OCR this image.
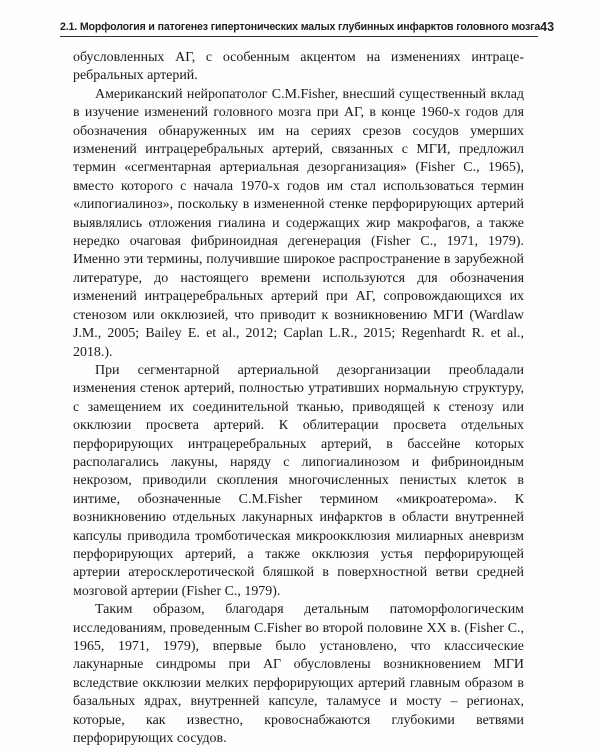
2.1. Морфология и патогенез гипертонических малых глубинных инфарктов головного мозга 43

обусловленных АГ, с особенным акцентом на изменениях интрацеребральных артерий.

Американский нейропатолог C.M.Fisher, внесший существенный вклад в изучение изменений головного мозга при АГ, в конце 1960-х годов для обозначения обнаруженных им на сериях срезов сосудов умерших изменений интрацеребральных артерий, связанных с МГИ, предложил термин «сегментарная артериальная дезорганизация» (Fisher C., 1965), вместо которого с начала 1970-х годов им стал использоваться термин «липогиалиноз», поскольку в измененной стенке перфорирующих артерий выявлялись отложения гиалина и содержащих жир макрофагов, а также нередко очаговая фибриноидная дегенерация (Fisher C., 1971, 1979). Именно эти термины, получившие широкое распространение в зарубежной литературе, до настоящего времени используются для обозначения изменений интрацеребральных артерий при АГ, сопровождающихся их стенозом или окклюзией, что приводит к возникновению МГИ (Wardlaw J.M., 2005; Bailey E. et al., 2012; Caplan L.R., 2015; Regenhardt R. et al., 2018.).

При сегментарной артериальной дезорганизации преобладали изменения стенок артерий, полностью утративших нормальную структуру, с замещением их соединительной тканью, приводящей к стенозу или окклюзии просвета артерий. К облитерации просвета отдельных перфорирующих интрацеребральных артерий, в бассейне которых располагались лакуны, наряду с липогиалинозом и фибриноидным некрозом, приводили скопления многочисленных пенистых клеток в интиме, обозначенные C.M.Fisher термином «микроатерома». К возникновению отдельных лакунарных инфарктов в области внутренней капсулы приводила тромботическая микроокклюзия милиарных аневризм перфорирующих артерий, а также окклюзия устья перфорирующей артерии атеросклеротической бляшкой в поверхностной ветви средней мозговой артерии (Fisher C., 1979).

Таким образом, благодаря детальным патоморфологическим исследованиям, проведенным C.Fisher во второй половине XX в. (Fisher C., 1965, 1971, 1979), впервые было установлено, что классические лакунарные синдромы при АГ обусловлены возникновением МГИ вследствие окклюзии мелких перфорирующих артерий главным образом в базальных ядрах, внутренней капсуле, таламусе и мосту – регионах, которые, как известно, кровоснабжаются глубокими ветвями перфорирующих сосудов.
